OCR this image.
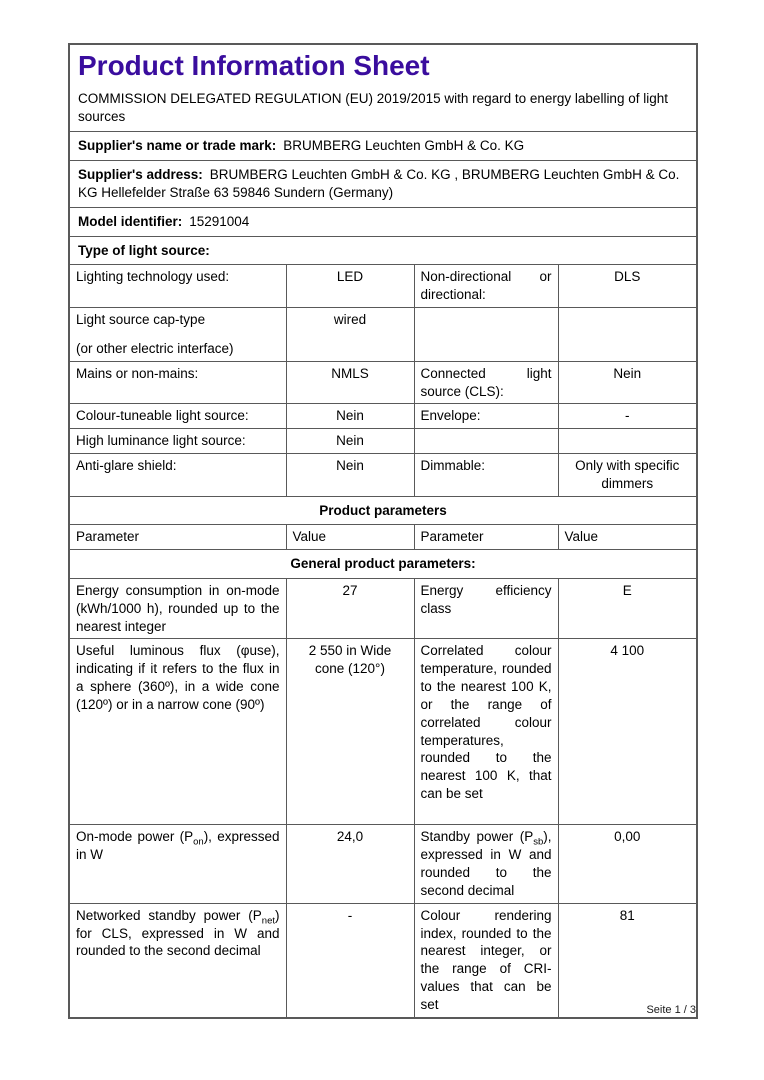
Product Information Sheet

COMMISSION DELEGATED REGULATION (EU) 2019/2015 with regard to energy labelling of light sources

Supplier's name or trade mark: BRUMBERG Leuchten GmbH & Co. KG			
Supplier's address: BRUMBERG Leuchten GmbH & Co. KG , BRUMBERG Leuchten GmbH & Co. KG Hellefelder Straße 63 59846 Sundern (Germany)			
Model identifier: 15291004			
Type of light source:			
Lighting technology used:	LED	Non-directional or directional:	DLS

Light source cap-type
(or other electric interface)	wired		
Mains or non-mains:	NMLS	Connected light source (CLS):	Nein
Colour-tuneable light source:	Nein	Envelope:	-
High luminance light source:	Nein		
Anti-glare shield:	Nein	Dimmable:	Only with specific dimmers
Product parameters			
Parameter	Value	Parameter	Value
General product parameters:			
Energy consumption in on-mode (kWh/1000 h), rounded up to the nearest integer	27	Energy efficiency class	E
Useful luminous flux (φuse), indicating if it refers to the flux in a sphere (360º), in a wide cone (120º) or in a narrow cone (90º)	2 550 in Wide cone (120°)	Correlated colour temperature, rounded to the nearest 100 K, or the range of correlated colour temperatures, rounded to the nearest 100 K, that can be set	4 100
On-mode power $(P_{on})$, expressed in W	24,0	Standby power $(P_{sb})$, expressed in W and rounded to the second decimal	0,00
Networked standby power $(P_{net})$ for CLS, expressed in W and rounded to the second decimal	-	Colour rendering index, rounded to the nearest integer, or the range of CRI-values that can be set	81
Seite 1 / 3
